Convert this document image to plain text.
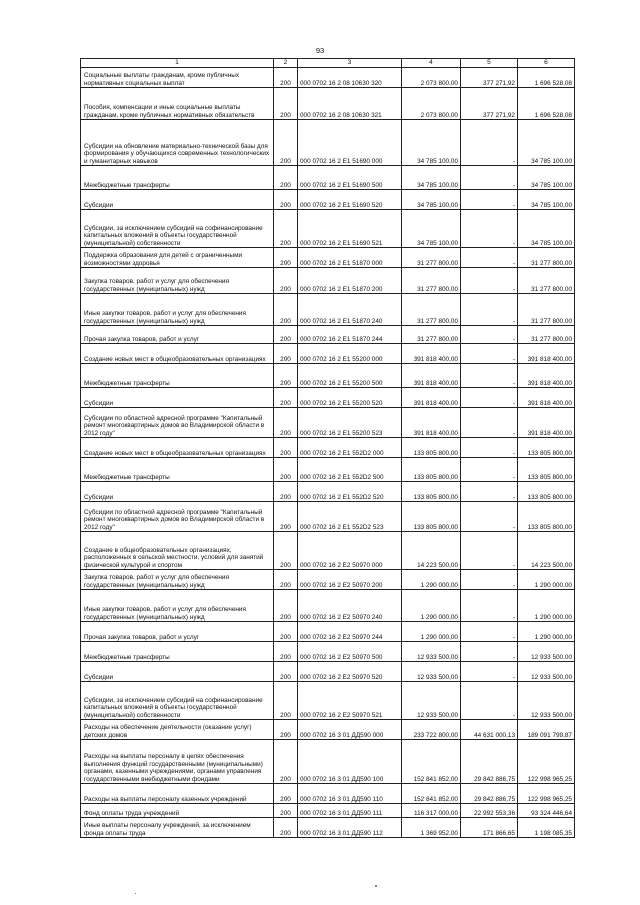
93
1	2	3	4	5	6
Социальные выплаты гражданам, кроме публичных нормативных социальных выплат	200	000 0702 16 2 08 10630 320	2 073 800,00	377 271,92	1 696 528,08
Пособия, компенсации и иные социальные выплаты гражданам, кроме публичных нормативных обязательств	200	000 0702 16 2 08 10630 321	2 073 800,00	377 271,92	1 696 528,08
Субсидии на обновление материально-технической базы для формирования у обучающихся современных технологических и гуманитарных навыков	200	000 0702 16 2 E1 51690 000	34 785 100,00	-	34 785 100,00
Межбюджетные трансферты	200	000 0702 16 2 E1 51690 500	34 785 100,00	-	34 785 100,00
Субсидии	200	000 0702 16 2 E1 51690 520	34 785 100,00	-	34 785 100,00
Субсидии, за исключением субсидий на софинансирование капитальных вложений в объекты государственной (муниципальной) собственности	200	000 0702 16 2 E1 51690 521	34 785 100,00	-	34 785 100,00
Поддержка образования для детей с ограниченными возможностями здоровья	200	000 0702 16 2 E1 51870 000	31 277 800,00	-	31 277 800,00
Закупка товаров, работ и услуг для обеспечения государственных (муниципальных) нужд	200	000 0702 16 2 E1 51870 200	31 277 800,00	-	31 277 800,00
Иные закупки товаров, работ и услуг для обеспечения государственных (муниципальных) нужд	200	000 0702 16 2 E1 51870 240	31 277 800,00	-	31 277 800,00
Прочая закупка товаров, работ и услуг	200	000 0702 16 2 E1 51870 244	31 277 800,00	-	31 277 800,00
Создание новых мест в общеобразовательных организациях	200	000 0702 16 2 E1 55200 000	391 818 400,00	-	391 818 400,00
Межбюджетные трансферты	200	000 0702 16 2 E1 55200 500	391 818 400,00	-	391 818 400,00
Субсидии	200	000 0702 16 2 E1 55200 520	391 818 400,00	-	391 818 400,00
Субсидии по областной адресной программе "Капитальный ремонт многоквартирных домов во Владимирской области в 2012 году"	200	000 0702 16 2 E1 55200 523	391 818 400,00	-	391 818 400,00
Создание новых мест в общеобразовательных организациях	200	000 0702 16 2 E1 552D2 000	133 805 800,00	-	133 805 800,00
Межбюджетные трансферты	200	000 0702 16 2 E1 552D2 500	133 805 800,00	-	133 805 800,00
Субсидии	200	000 0702 16 2 E1 552D2 520	133 805 800,00	-	133 805 800,00
Субсидии по областной адресной программе "Капитальный ремонт многоквартирных домов во Владимирской области в 2012 году"	200	000 0702 16 2 E1 552D2 523	133 805 800,00	-	133 805 800,00
Создание в общеобразовательных организациях, расположенных в сельской местности, условий для занятий физической культурой и спортом	200	000 0702 16 2 E2 50970 000	14 223 500,00	-	14 223 500,00
Закупка товаров, работ и услуг для обеспечения государственных (муниципальных) нужд	200	000 0702 16 2 E2 50970 200	1 290 000,00	-	1 290 000,00
Иные закупки товаров, работ и услуг для обеспечения государственных (муниципальных) нужд	200	000 0702 16 2 E2 50970 240	1 290 000,00	-	1 290 000,00
Прочая закупка товаров, работ и услуг	200	000 0702 16 2 E2 50970 244	1 290 000,00	-	1 290 000,00
Межбюджетные трансферты	200	000 0702 16 2 E2 50970 500	12 933 500,00	-	12 933 500,00
Субсидии	200	000 0702 16 2 E2 50970 520	12 933 500,00	-	12 933 500,00
Субсидии, за исключением субсидий на софинансирование капитальных вложений в объекты государственной (муниципальной) собственности	200	000 0702 16 2 E2 50970 521	12 933 500,00	-	12 933 500,00
Расходы на обеспечение деятельности (оказание услуг) детских домов	200	000 0702 16 3 01 ДД590 000	233 722 800,00	44 631 000,13	189 091 799,87
Расходы на выплаты персоналу в целях обеспечения выполнения функций государственными (муниципальными) органами, казенными учреждениями, органами управления государственными внебюджетными фондами	200	000 0702 16 3 01 ДД590 100	152 841 852,00	29 842 886,75	122 998 965,25
Расходы на выплаты персоналу казенных учреждений	200	000 0702 16 3 01 ДД590 110	152 841 852,00	29 842 886,75	122 998 965,25
Фонд оплаты труда учреждений	200	000 0702 16 3 01 ДД590 111	116 317 000,00	22 992 553,36	93 324 446,64
Иные выплаты персоналу учреждений, за исключением фонда оплаты труда	200	000 0702 16 3 01 ДД590 112	1 369 952,00	171 866,65	1 198 085,35
